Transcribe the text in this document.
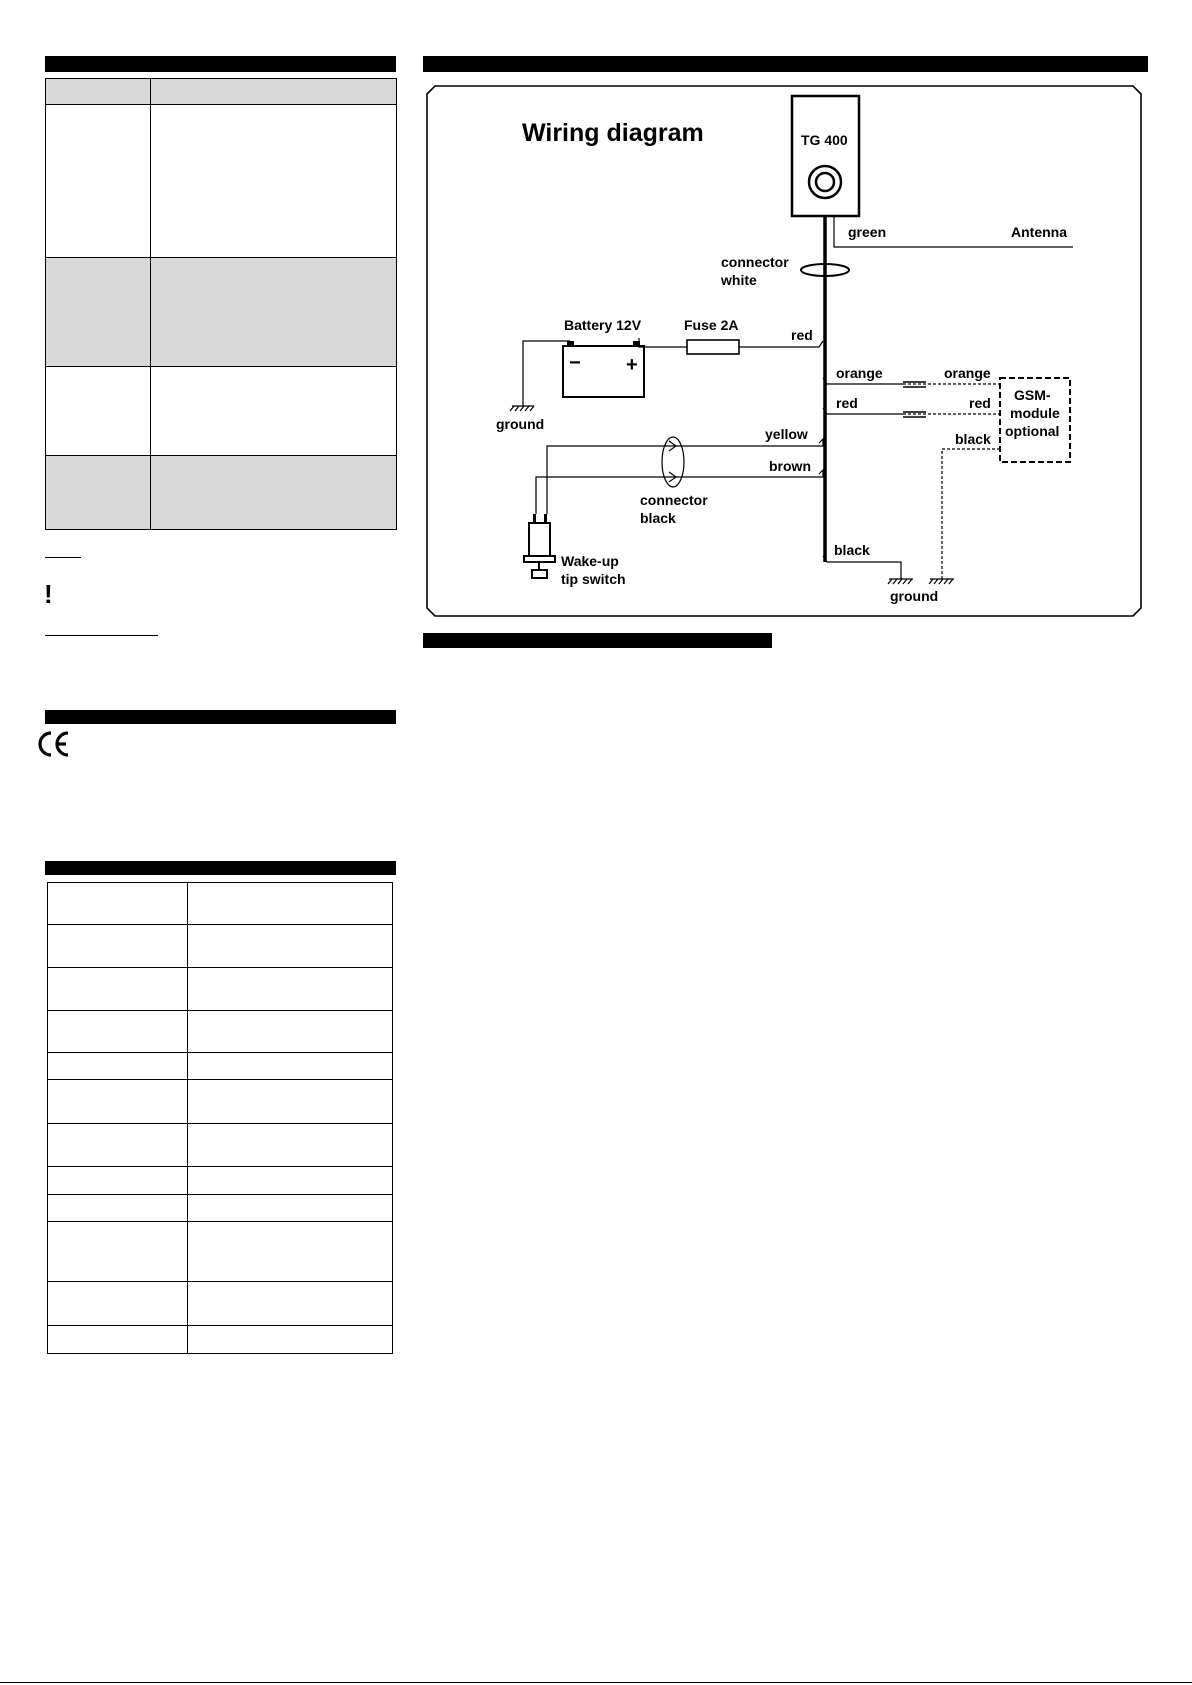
!

Wiring diagram	TG 400
green	Antenna
connector
white
Battery 12V	Fuse 2A
red
− +
ground
GSM-
module
optional
orange	orange
red	red
black
yellow
brown
connector
black
Wake-up
tip switch
black
ground
